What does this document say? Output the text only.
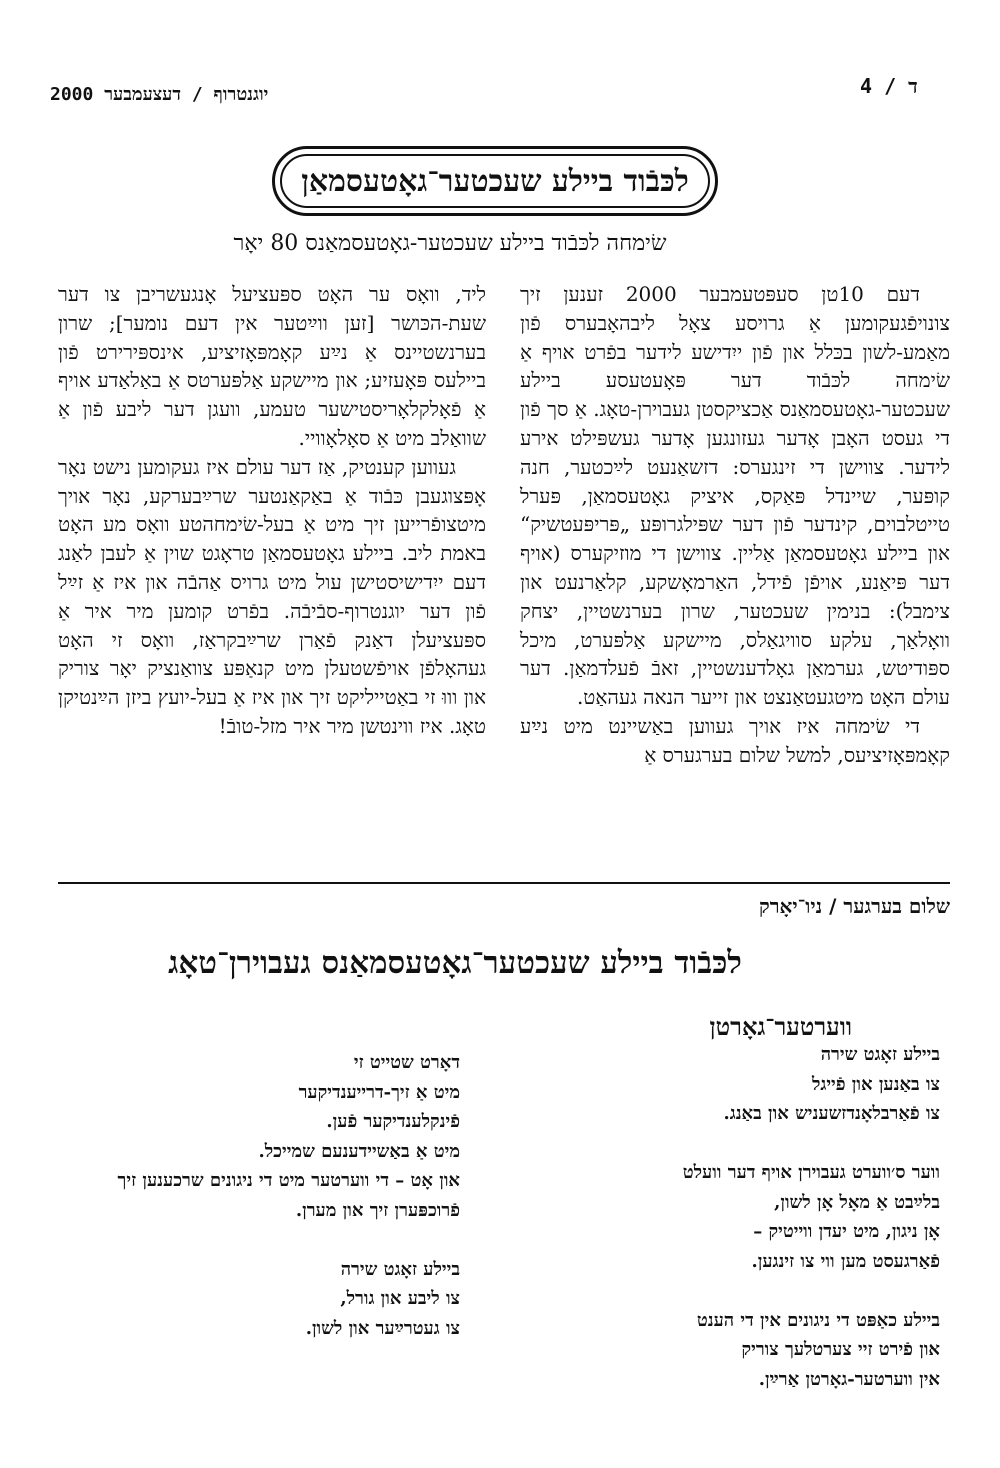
יוגנטרוף / דעצעמבער 2000	ד / 4
לכּבֿוד ביילע שעכטער־גאָטעסמאַן
שׂימחה לכּבֿוד ביילע שעכטער-גאָטעסמאַנס 80 יאָר

דעם 10טן סעפּטעמבער 2000 זענען זיך צונויפֿגעקומען אַ גרויסע צאָל ליבהאָבערס פֿון מאַמע-לשון בכּלל און פֿון ייִדישע לידער בפֿרט אויף אַ שׂימחה לכּבֿוד דער פּאָעטעסע ביילע שעכטער-גאָטעסמאַנס אַכציקסטן געבוירן-טאָג. אַ סך פֿון די געסט האָבן אָדער געזונגען אָדער געשפּילט אירע לידער. צווישן די זינגערס: דזשאַנעט לײַכטער, חנה קופּער, שיינדל פּאַקס, איציק גאָטעסמאַן, פּערל טייטלבוים, קינדער פֿון דער שפּילגרופּע „פּריפּעטשיק“ און ביילע גאָטעסמאַן אַליין. צווישן די מוזיקערס (אויף דער פּיאַנע, אויפֿן פֿידל, האַרמאָשקע, קלאַרנעט און צימבל): בנימין שעכטער, שרון בערנשטיין, יצחק וואָלאַך, עלקע סוויגאַלס, מיישקע אַלפּערט, מיכל ספּודיטש, גערמאַן גאָלדענשטיין, זאבֿ פֿעלדמאַן. דער עולם האָט מיטגעטאַנצט און זייער הנאה געהאַט.

די שׂימחה איז אויך געווען באַשיינט מיט נײַע קאָמפּאָזיציעס, למשל שלום בערגערס אַ

ליד, וואָס ער האָט ספּעציעל אָנגעשריבן צו דער שעת-הכּושר [זען ווײַטער אין דעם נומער]; שרון בערנשטיינס אַ נײַע קאָמפּאָזיציע, אינספּירירט פֿון ביילעס פּאָעזיע; און מיישקע אַלפּערטס אַ באַלאַדע אויף אַ פֿאָלקלאָריסטישער טעמע, וועגן דער ליבע פֿון אַ שוואַלב מיט אַ סאָלאָוויי.

געווען קענטיק, אַז דער עולם איז געקומען נישט נאָר אָפּצוגעבן כּבֿוד אַ באַקאַנטער שרײַבערקע, נאָר אויך מיטצופֿרייען זיך מיט אַ בעל-שׂימחהטע וואָס מע האָט באמת ליב. ביילע גאָטעסמאַן טראָגט שוין אַ לעבן לאַנג דעם ייִדישיסטישן עול מיט גרויס אַהבֿה און איז אַ זײַל פֿון דער יוגנטרוף-סבֿיבֿה. בפֿרט קומען מיר איר אַ ספּעציעלן דאַנק פֿאַרן שרײַבקראַז, וואָס זי האָט געהאָלפֿן אויפֿשטעלן מיט קנאַפּע צוואַנציק יאָר צוריק און וווּ זי באַטייליקט זיך און איז אַ בעל-יועץ ביזן הײַנטיקן טאָג. איז ווינטשן מיר איר מזל-טובֿ!

שלום בערגער / ניו־יאָרק
לכּבֿוד ביילע שעכטער־גאָטעסמאַנס געבוירן־טאָג
ווערטער־גאָרטן
ביילע זאָגט שירה
צו באַנען און פֿייגל
צו פֿאַרבלאָנדזשעניש און באַנג.
ווער ס׳ווערט געבוירן אויף דער וועלט
בלײַבט אַ מאָל אָן לשון,
אָן ניגון, מיט יעדן ווייטיק –
פֿאַרגעסט מען ווי צו זינגען.
ביילע כאַפּט די ניגונים אין די הענט
און פֿירט זיי צערטלעך צוריק
אין ווערטער-גאָרטן אַרײַן.
דאָרט שטייט זי
מיט אַ זיך-דרייענדיקער
פֿינקלענדיקער פֿען.
מיט אַ באַשיידענעם שמייכל.
און אָט – די ווערטער מיט די ניגונים שרכענען זיך
פֿרוכפּערן זיך און מערן.
ביילע זאָגט שירה
צו ליבע און גורל,
צו געטרײַער און לשון.
